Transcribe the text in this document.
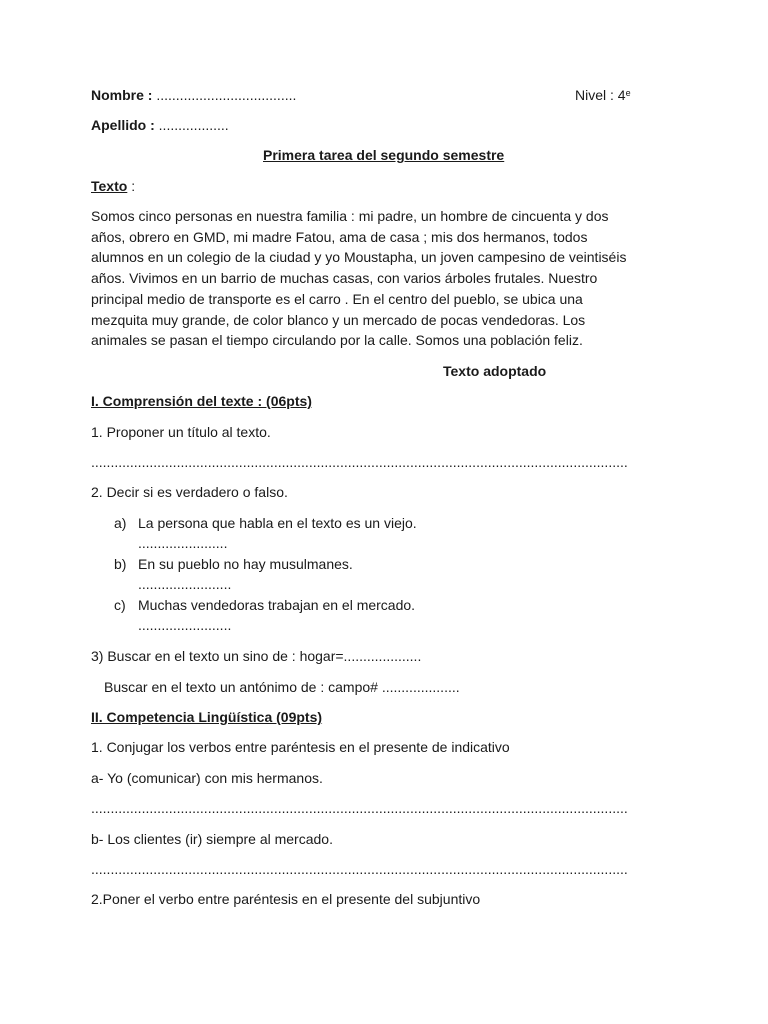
Nombre : ....................................	Nivel : 4e
Apellido : ..................
Primera tarea del segundo semestre
Texto :
Somos cinco personas en nuestra familia : mi padre, un hombre de cincuenta y dos
años, obrero en GMD, mi madre Fatou, ama de casa ; mis dos hermanos, todos
alumnos en un colegio de la ciudad y yo Moustapha, un joven campesino de veintiséis
años. Vivimos en un barrio de muchas casas, con varios árboles frutales. Nuestro
principal medio de transporte es el carro . En el centro del pueblo, se ubica una
mezquita muy grande, de color blanco y un mercado de pocas vendedoras. Los
animales se pasan el tiempo circulando por la calle. Somos una población feliz.
Texto adoptado
I. Comprensión del texte : (06pts)
1. Proponer un título al texto.
..........................................................................................................................................
2. Decir si es verdadero o falso.
a) La persona que habla en el texto es un viejo.
.......................
b) En su pueblo no hay musulmanes.
........................
c) Muchas vendedoras trabajan en el mercado.
........................
3) Buscar en el texto un sino de : hogar=....................
Buscar en el texto un antónimo de : campo# ....................
II. Competencia Lingüística (09pts)
1. Conjugar los verbos entre paréntesis en el presente de indicativo
a- Yo (comunicar) con mis hermanos.
..........................................................................................................................................
b- Los clientes (ir) siempre al mercado.
..........................................................................................................................................
2.Poner el verbo entre paréntesis en el presente del subjuntivo
